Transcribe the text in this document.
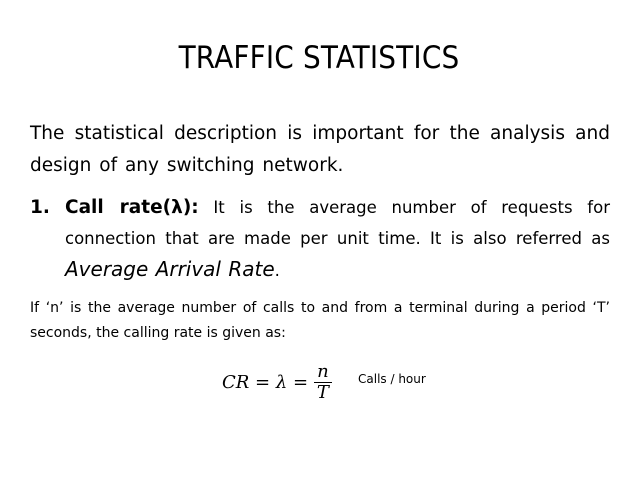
TRAFFIC STATISTICS
The statistical description is important for the analysis and design of any switching network.
1. Call rate(λ): It is the average number of requests for connection that are made per unit time. It is also referred as Average Arrival Rate.
If ‘n’ is the average number of calls to and from a terminal during a period ‘T’ seconds, the calling rate is given as:
CR = $\lambda = \frac{n}{T}$ Calls / hour
